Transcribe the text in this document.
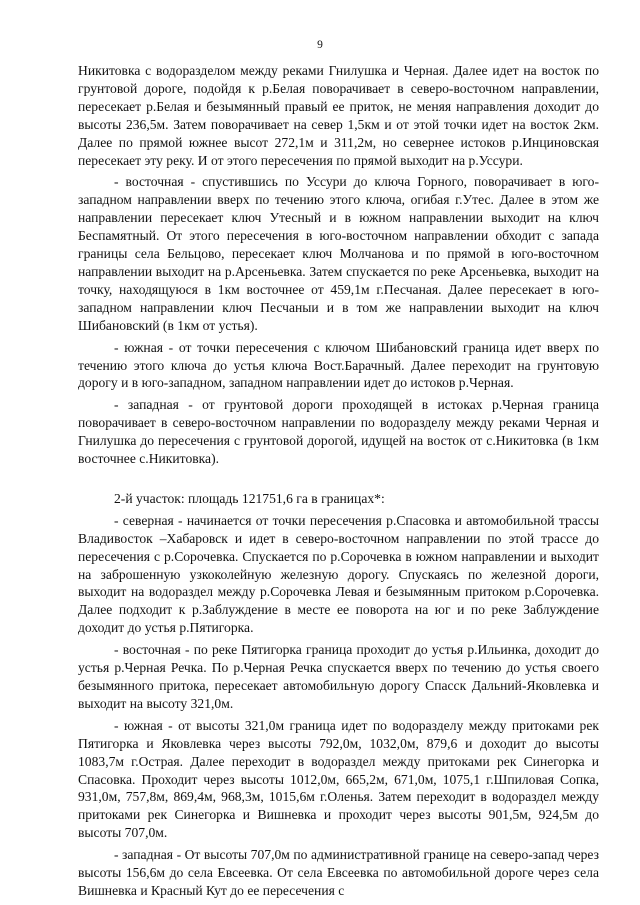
9

Никитовка с водоразделом между реками Гнилушка и Черная. Далее идет на восток по грунтовой дороге, подойдя к р.Белая поворачивает в северо-восточном направлении, пересекает р.Белая и безымянный правый ее приток, не меняя направления доходит до высоты 236,5м. Затем поворачивает на север 1,5км и от этой точки идет на восток 2км. Далее по прямой южнее высот 272,1м и 311,2м, но севернее истоков р.Инциновская пересекает эту реку. И от этого пересечения по прямой выходит на р.Уссури.

- восточная - спустившись по Уссури до ключа Горного, поворачивает в юго-западном направлении вверх по течению этого ключа, огибая г.Утес. Далее в этом же направлении пересекает ключ Утесный и в южном направлении выходит на ключ Беспамятный. От этого пересечения в юго-восточном направлении обходит с запада границы села Бельцово, пересекает ключ Молчанова и по прямой в юго-восточном направлении выходит на р.Арсеньевка. Затем спускается по реке Арсеньевка, выходит на точку, находящуюся в 1км восточнее от 459,1м г.Песчаная. Далее пересекает в юго-западном направлении ключ Песчаныи и в том же направлении выходит на ключ Шибановский (в 1км от устья).

- южная - от точки пересечения с ключом Шибановский граница идет вверх по течению этого ключа до устья ключа Вост.Барачный. Далее переходит на грунтовую дорогу и в юго-западном, западном направлении идет до истоков р.Черная.

- западная - от грунтовой дороги проходящей в истоках р.Черная граница поворачивает в северо-восточном направлении по водоразделу между реками Черная и Гнилушка до пересечения с грунтовой дорогой, идущей на восток от с.Никитовка (в 1км восточнее с.Никитовка).

2-й участок: площадь 121751,6 га в границах*:

- северная - начинается от точки пересечения р.Спасовка и автомобильной трассы Владивосток –Хабаровск и идет в северо-восточном направлении по этой трассе до пересечения с р.Сорочевка. Спускается по р.Сорочевка в южном направлении и выходит на заброшенную узкоколейную железную дорогу. Спускаясь по железной дороги, выходит на водораздел между р.Сорочевка Левая и безымянным притоком р.Сорочевка. Далее подходит к р.Заблуждение в месте ее поворота на юг и по реке Заблуждение доходит до устья р.Пятигорка.

- восточная - по реке Пятигорка граница проходит до устья р.Ильинка, доходит до устья р.Черная Речка. По р.Черная Речка спускается вверх по течению до устья своего безымянного притока, пересекает автомобильную дорогу Спасск Дальний-Яковлевка и выходит на высоту 321,0м.

- южная - от высоты 321,0м граница идет по водоразделу между притоками рек Пятигорка и Яковлевка через высоты 792,0м, 1032,0м, 879,6 и доходит до высоты 1083,7м г.Острая. Далее переходит в водораздел между притоками рек Синегорка и Спасовка. Проходит через высоты 1012,0м, 665,2м, 671,0м, 1075,1 г.Шпиловая Сопка, 931,0м, 757,8м, 869,4м, 968,3м, 1015,6м г.Оленья. Затем переходит в водораздел между притоками рек Синегорка и Вишневка и проходит через высоты 901,5м, 924,5м до высоты 707,0м.

- западная - От высоты 707,0м по административной границе на северо-запад через высоты 156,6м до села Евсеевка. От села Евсеевка по автомобильной дороге через села Вишневка и Красный Кут до ее пересечения с
